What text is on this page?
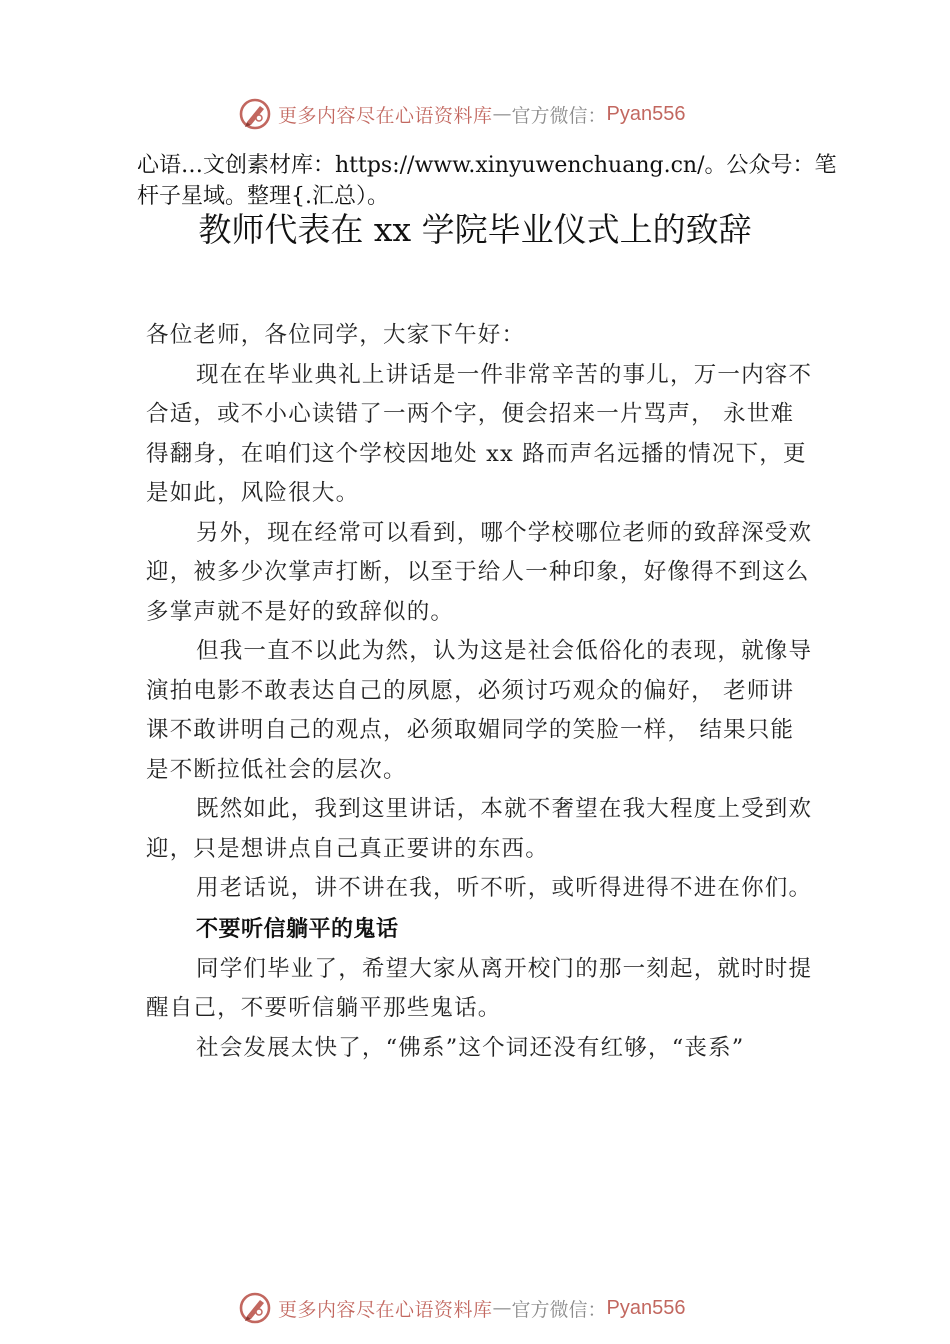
更多内容尽在心语资料库 — 官方微信： Pyan556
心语…文创素材库：https://www.xinyuwenchuang.cn/。公众号：笔杆子星域。整理{.汇总）。
教师代表在 xx 学院毕业仪式上的致辞

各位老师，各位同学，大家下午好：

现在在毕业典礼上讲话是一件非常辛苦的事儿，万一内容不合适，或不小心读错了一两个字，便会招来一片骂声， 永世难得翻身，在咱们这个学校因地处 xx 路而声名远播的情况下，更是如此，风险很大。

另外，现在经常可以看到，哪个学校哪位老师的致辞深受欢迎，被多少次掌声打断，以至于给人一种印象，好像得不到这么多掌声就不是好的致辞似的。

但我一直不以此为然，认为这是社会低俗化的表现，就像导演拍电影不敢表达自己的夙愿，必须讨巧观众的偏好， 老师讲课不敢讲明自己的观点，必须取媚同学的笑脸一样， 结果只能是不断拉低社会的层次。

既然如此，我到这里讲话，本就不奢望在我大程度上受到欢迎，只是想讲点自己真正要讲的东西。

用老话说，讲不讲在我，听不听，或听得进得不进在你们。

不要听信躺平的鬼话

同学们毕业了，希望大家从离开校门的那一刻起，就时时提醒自己，不要听信躺平那些鬼话。

社会发展太快了，“佛系”这个词还没有红够，“丧系”

更多内容尽在心语资料库 — 官方微信： Pyan556
